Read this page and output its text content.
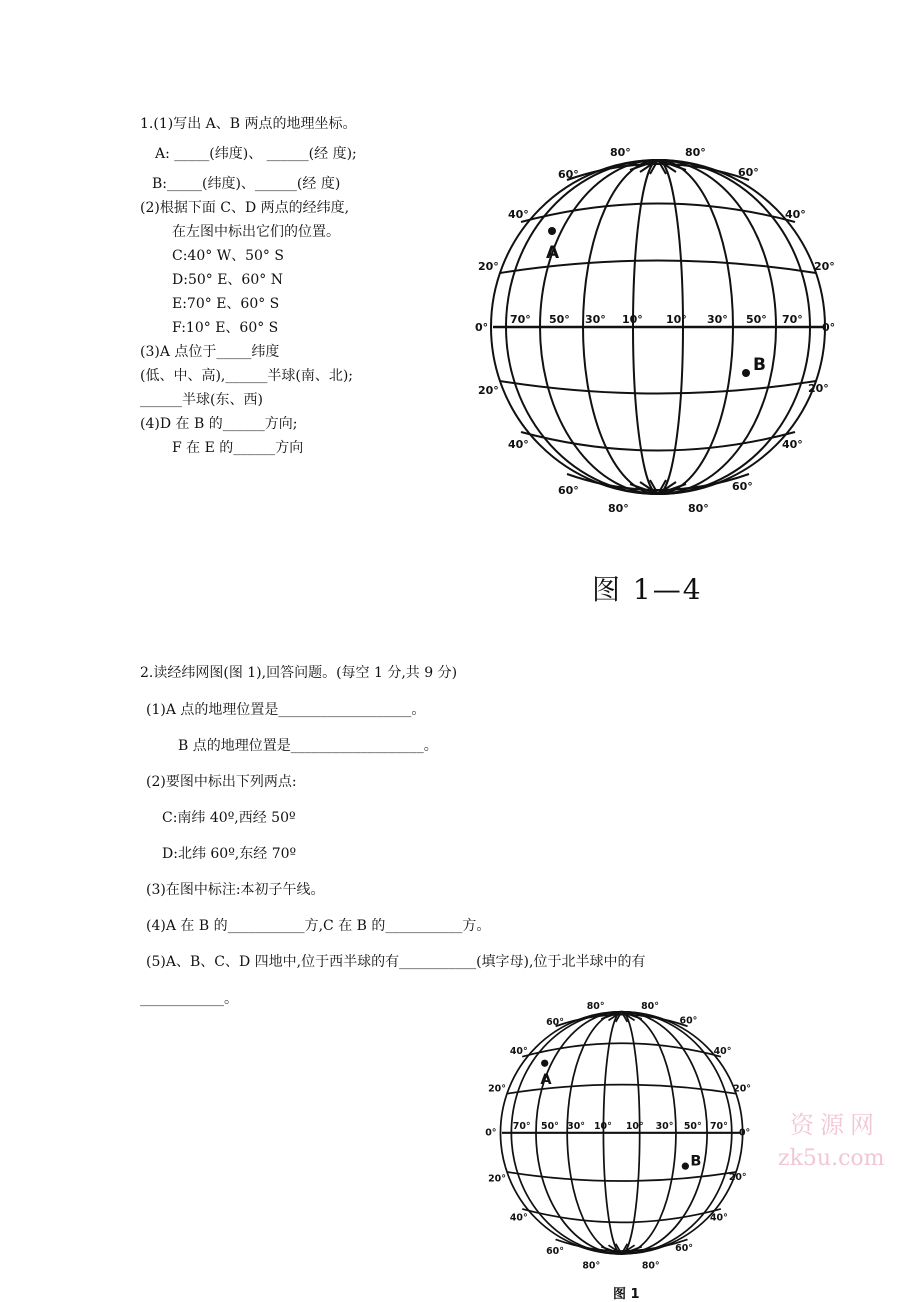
1.(1)写出 A、B 两点的地理坐标。
A: _____(纬度)、 ______(经 度);
B:_____(纬度)、______(经 度)
(2)根据下面 C、D 两点的经纬度,
在左图中标出它们的位置。
C:40° W、50° S
D:50° E、60° N
E:70° E、60° S
F:10° E、60° S
(3)A 点位于_____纬度
(低、中、高),______半球(南、北);
______半球(东、西)
(4)D 在 B 的______方向;
F 在 E 的______方向
A
B
80°
60°
40°
20°
0°
20°
40°
60°
80°
80°
60°
40°
20°
0°
20°
40°
60°
80°
70° 50° 30° 10° 10° 30° 50° 70°
图 1—4
2.读经纬网图(图 1),回答问题。(每空 1 分,共 9 分)
(1)A 点的地理位置是___________________。
B 点的地理位置是___________________。
(2)要图中标出下列两点:
C:南纬 40º,西经 50º
D:北纬 60º,东经 70º
(3)在图中标注:本初子午线。
(4)A 在 B 的___________方,C 在 B 的___________方。
(5)A、B、C、D 四地中,位于西半球的有___________(填字母),位于北半球中的有
____________。
A
B
80°
60°
40°
20°
0°
20°
40°
60°
80°
80°
60°
40°
20°
0°
20°
40°
60°
80°
70° 50° 30° 10° 10° 30° 50° 70°
图 1
资源网
zk5u.com
